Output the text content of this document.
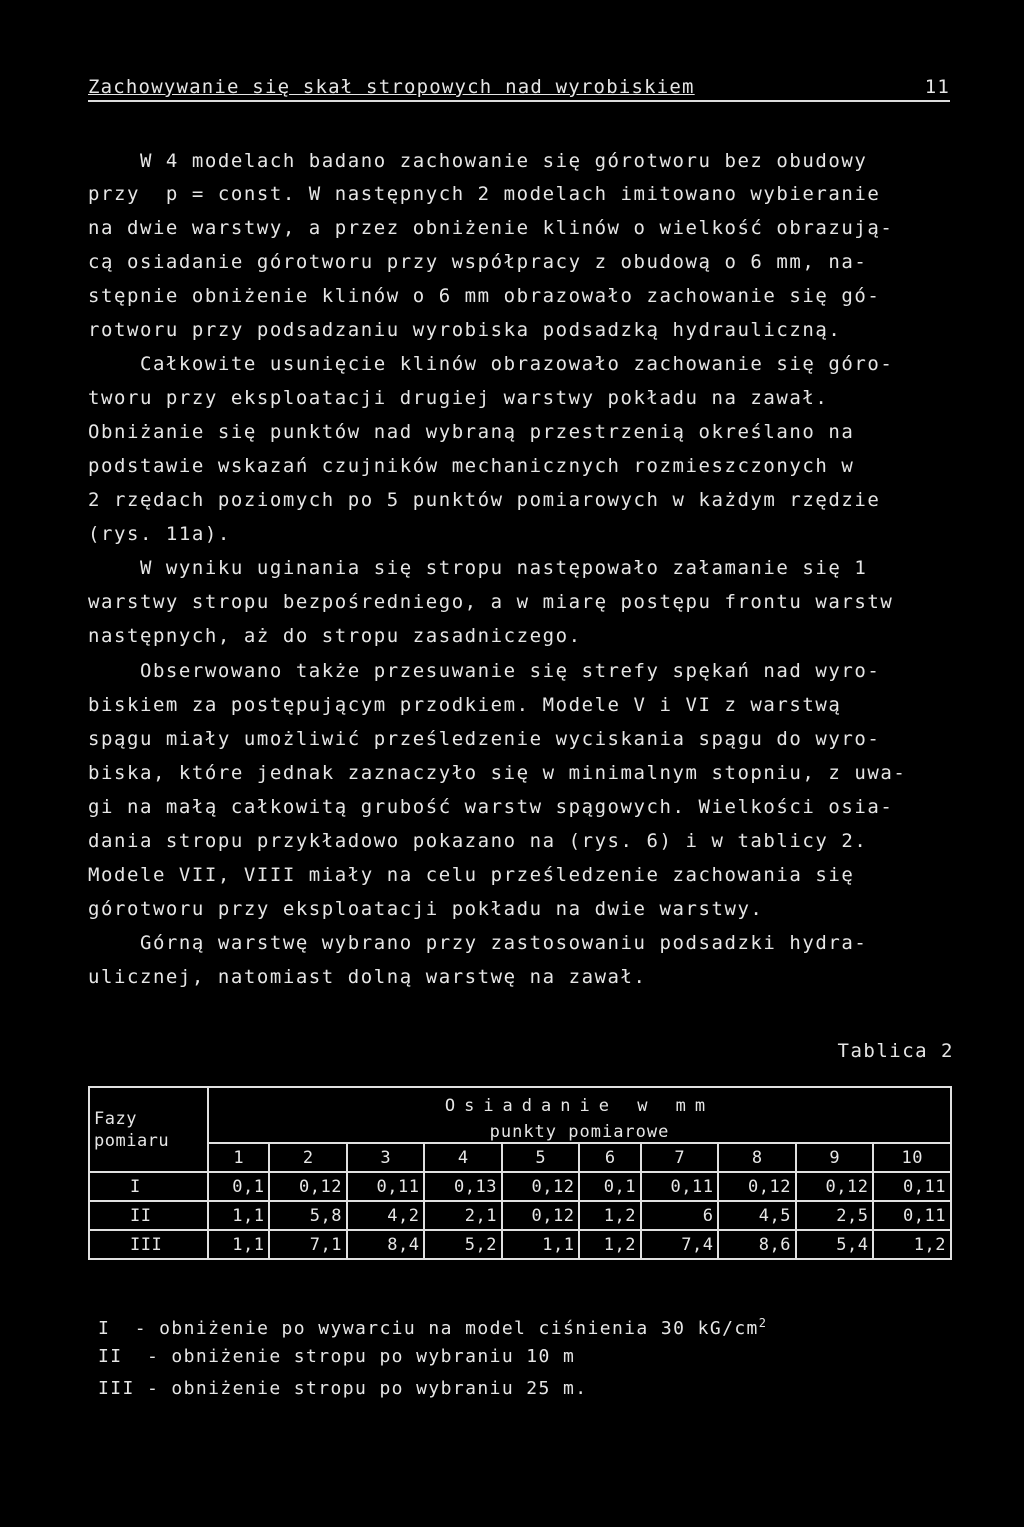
Zachowywanie się skał stropowych nad wyrobiskiem	11
W 4 modelach badano zachowanie się górotworu bez obudowy
przy  p = const. W następnych 2 modelach imitowano wybieranie
na dwie warstwy, a przez obniżenie klinów o wielkość obrazują-
cą osiadanie górotworu przy współpracy z obudową o 6 mm, na-
stępnie obniżenie klinów o 6 mm obrazowało zachowanie się gó-
rotworu przy podsadzaniu wyrobiska podsadzką hydrauliczną.
Całkowite usunięcie klinów obrazowało zachowanie się góro-
tworu przy eksploatacji drugiej warstwy pokładu na zawał.
Obniżanie się punktów nad wybraną przestrzenią określano na
podstawie wskazań czujników mechanicznych rozmieszczonych w
2 rzędach poziomych po 5 punktów pomiarowych w każdym rzędzie
(rys. 11a).
W wyniku uginania się stropu następowało załamanie się 1
warstwy stropu bezpośredniego, a w miarę postępu frontu warstw
następnych, aż do stropu zasadniczego.
Obserwowano także przesuwanie się strefy spękań nad wyro-
biskiem za postępującym przodkiem. Modele V i VI z warstwą
spągu miały umożliwić prześledzenie wyciskania spągu do wyro-
biska, które jednak zaznaczyło się w minimalnym stopniu, z uwa-
gi na małą całkowitą grubość warstw spągowych. Wielkości osia-
dania stropu przykładowo pokazano na (rys. 6) i w tablicy 2.
Modele VII, VIII miały na celu prześledzenie zachowania się
górotworu przy eksploatacji pokładu na dwie warstwy.
Górną warstwę wybrano przy zastosowaniu podsadzki hydra-
ulicznej, natomiast dolną warstwę na zawał.
Tablica 2
Fazy pomiaru	Osiadanie w mm
punkty pomiarowe									

	1	2	3	4	5	6	7	8	9	10
I	0,1	0,12	0,11	0,13	0,12	0,1	0,11	0,12	0,12	0,11
II	1,1	5,8	4,2	2,1	0,12	1,2	6	4,5	2,5	0,11
III	1,1	7,1	8,4	5,2	1,1	1,2	7,4	8,6	5,4	1,2
I  - obniżenie po wywarciu na model ciśnienia 30 $kG/cm^2$
II  - obniżenie stropu po wybraniu 10 m
III - obniżenie stropu po wybraniu 25 m.
